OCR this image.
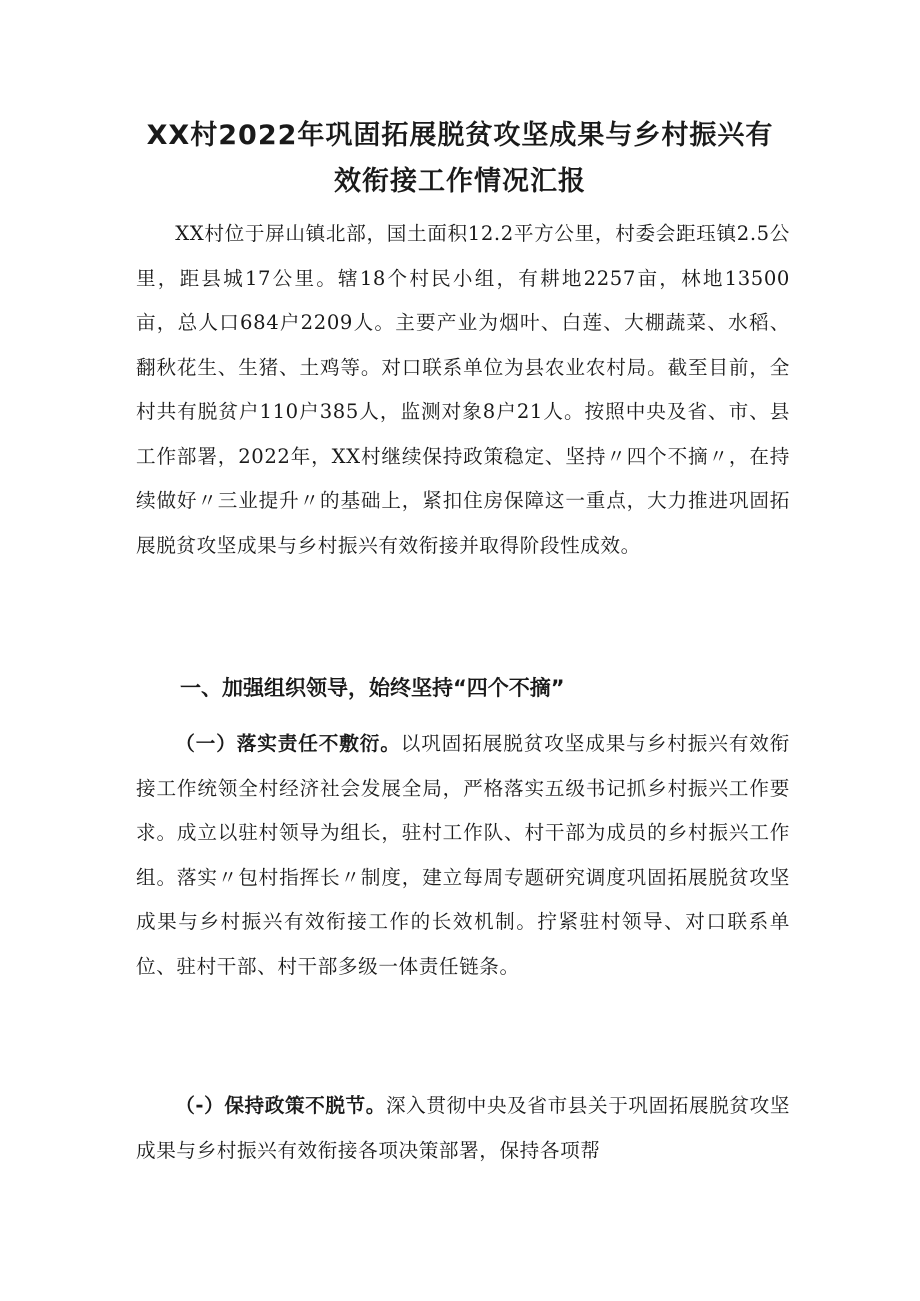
XX村2022年巩固拓展脱贫攻坚成果与乡村振兴有
效衔接工作情况汇报

XX村位于屏山镇北部，国土面积12.2平方公里，村委会距珏镇2.5公里，距县城17公里。辖18个村民小组，有耕地2257亩，林地13500亩，总人口684户2209人。主要产业为烟叶、白莲、大棚蔬菜、水稻、翻秋花生、生猪、土鸡等。对口联系单位为县农业农村局。截至目前，全村共有脱贫户110户385人，监测对象8户21人。按照中央及省、市、县工作部署，2022年，XX村继续保持政策稳定、坚持〃四个不摘〃，在持续做好〃三业提升〃的基础上，紧扣住房保障这一重点，大力推进巩固拓展脱贫攻坚成果与乡村振兴有效衔接并取得阶段性成效。

一、加强组织领导，始终坚持“四个不摘”

（一）落实责任不敷衍。以巩固拓展脱贫攻坚成果与乡村振兴有效衔接工作统领全村经济社会发展全局，严格落实五级书记抓乡村振兴工作要求。成立以驻村领导为组长，驻村工作队、村干部为成员的乡村振兴工作组。落实〃包村指挥长〃制度，建立每周专题研究调度巩固拓展脱贫攻坚成果与乡村振兴有效衔接工作的长效机制。拧紧驻村领导、对口联系单位、驻村干部、村干部多级一体责任链条。

（-）保持政策不脱节。深入贯彻中央及省市县关于巩固拓展脱贫攻坚成果与乡村振兴有效衔接各项决策部署，保持各项帮
